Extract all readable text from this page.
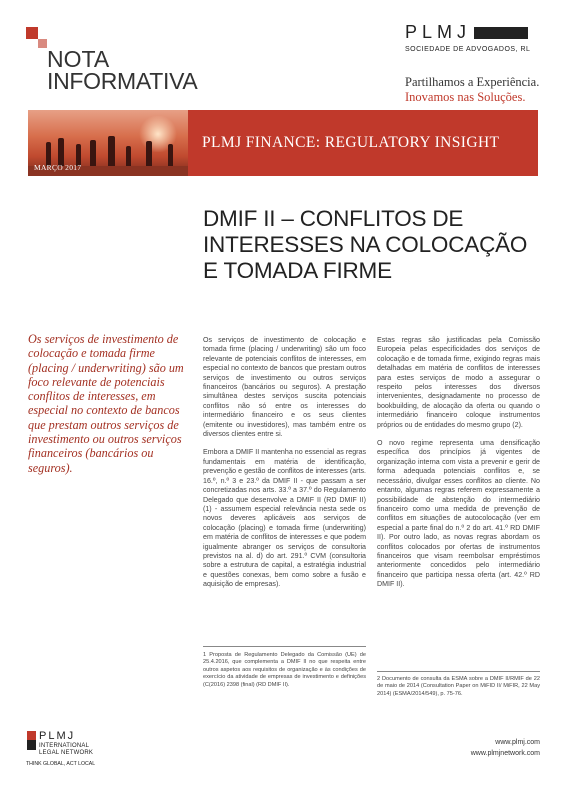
NOTA
INFORMATIVA
PLMJ
SOCIEDADE DE ADVOGADOS, RL
Partilhamos a Experiência.
Inovamos nas Soluções.
MARÇO 2017
PLMJ FINANCE: REGULATORY INSIGHT
DMIF II – CONFLITOS DE
INTERESSES NA COLOCAÇÃO
E TOMADA FIRME
Os serviços de investimento de colocação e tomada firme (placing / underwriting) são um foco relevante de potenciais conflitos de interesses, em especial no contexto de bancos que prestam outros serviços de investimento ou outros serviços financeiros (bancários ou seguros).

Os serviços de investimento de colocação e tomada firme (placing / underwriting) são um foco relevante de potenciais conflitos de interesses, em especial no contexto de bancos que prestam outros serviços de investimento ou outros serviços financeiros (bancários ou seguros). A prestação simultânea destes serviços suscita potenciais conflitos não só entre os interesses do intermediário financeiro e os seus clientes (emitente ou investidores), mas também entre os diversos clientes entre si.

Embora a DMIF II mantenha no essencial as regras fundamentais em matéria de identificação, prevenção e gestão de conflitos de interesses (arts. 16.º, n.º 3 e 23.º da DMIF II - que passam a ser concretizadas nos arts. 33.º a 37.º do Regulamento Delegado que desenvolve a DMIF II (RD DMIF II) (1) - assumem especial relevância nesta sede os novos deveres aplicáveis aos serviços de colocação (placing) e tomada firme (underwriting) em matéria de conflitos de interesses e que podem igualmente abranger os serviços de consultoria previstos na al. d) do art. 291.º CVM (consultoria sobre a estrutura de capital, a estratégia industrial e questões conexas, bem como sobre a fusão e aquisição de empresas).

Estas regras são justificadas pela Comissão Europeia pelas especificidades dos serviços de colocação e de tomada firme, exigindo regras mais detalhadas em matéria de conflitos de interesses para estes serviços de modo a assegurar o respeito pelos interesses dos diversos intervenientes, designadamente no processo de bookbuilding, de alocação da oferta ou quando o intermediário financeiro coloque instrumentos próprios ou de entidades do mesmo grupo (2).

O novo regime representa uma densificação específica dos princípios já vigentes de organização interna com vista a prevenir e gerir de forma adequada potenciais conflitos e, se necessário, divulgar esses conflitos ao cliente. No entanto, algumas regras referem expressamente a possibilidade de abstenção do intermediário financeiro como uma medida de prevenção de conflitos em situações de autocolocação (ver em especial a parte final do n.º 2 do art. 41.º RD DMIF II). Por outro lado, as novas regras abordam os conflitos colocados por ofertas de instrumentos financeiros que visam reembolsar empréstimos anteriormente concedidos pelo intermediário financeiro que participa nessa oferta (art. 42.º RD DMIF II).

1 Proposta de Regulamento Delegado da Comissão (UE) de 25.4.2016, que complementa a DMIF II no que respeita entre outros aspetos aos requisitos de organização e às condições de exercício da atividade de empresas de investimento e definições (C(2016) 2398 (final) (RD DMIF II).
2 Documento de consulta da ESMA sobre a DMIF II/RMIF de 22 de maio de 2014 (Consultation Paper on MiFID II/ MiFIR, 22 May 2014) (ESMA/2014/549), p. 75-76.
PLMJ
INTERNATIONAL
LEGAL NETWORK
THINK GLOBAL, ACT LOCAL
www.plmj.com
www.plmjnetwork.com
